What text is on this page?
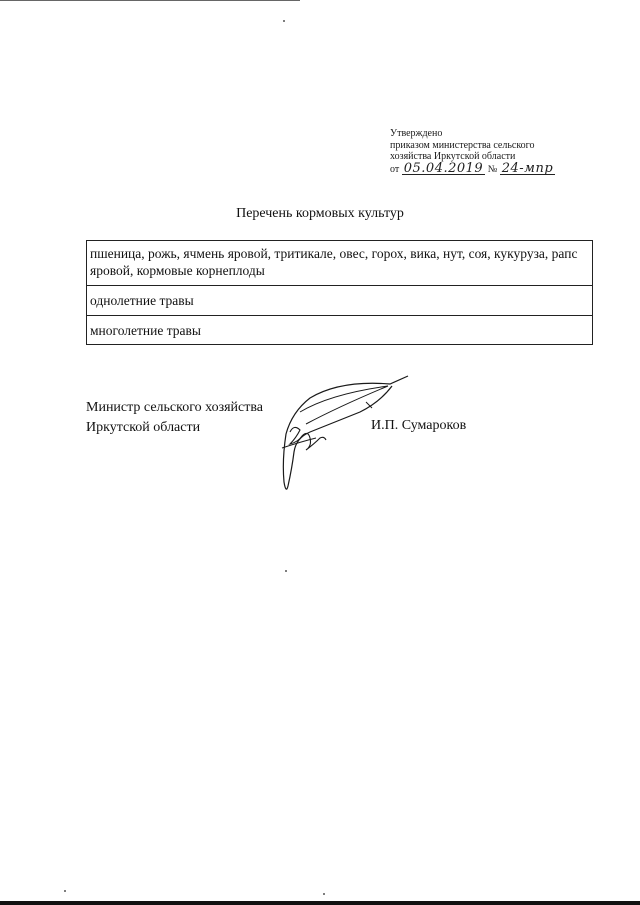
Утверждено
приказом министерства сельского
хозяйства Иркутской области
от 05.04.2019 № 24-мпр
Перечень кормовых культур
пшеница, рожь, ячмень яровой, тритикале, овес, горох, вика, нут, соя, кукуруза, рапс яровой, кормовые корнеплоды
однолетние травы
многолетние травы
Министр сельского хозяйства
Иркутской области	И.П. Сумароков
